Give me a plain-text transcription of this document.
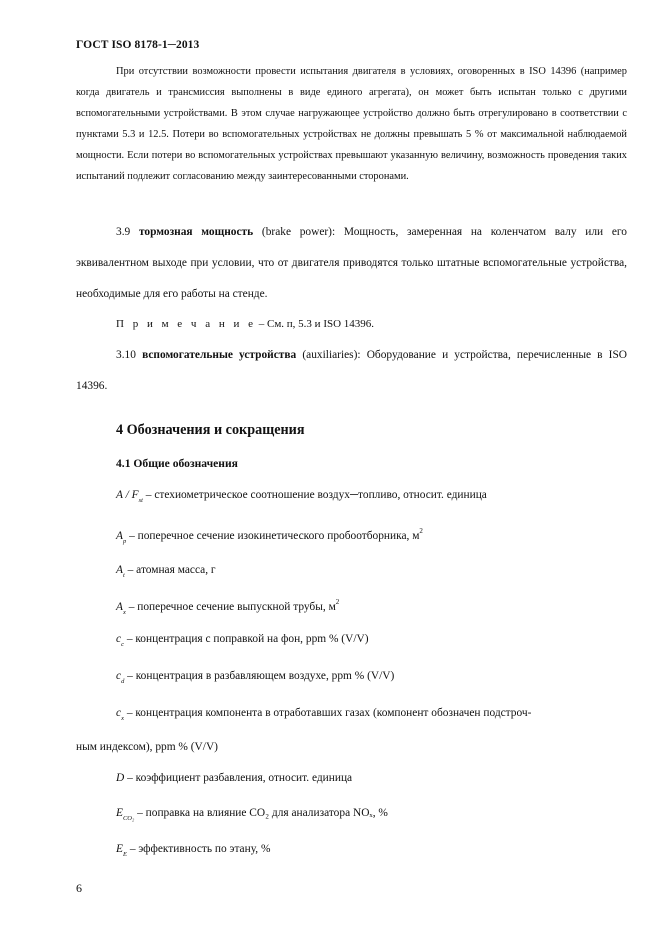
ГОСТ ISO 8178-1─2013
При отсутствии возможности провести испытания двигателя в условиях, оговоренных в ISO 14396 (например когда двигатель и трансмиссия выполнены в виде единого агрегата), он может быть испытан только с другими вспомогательными устройствами. В этом случае нагружающее устройство должно быть отрегулировано в соответствии с пунктами 5.3 и 12.5. Потери во вспомогательных устройствах не должны превышать 5 % от максимальной наблюдаемой мощности. Если потери во вспомогательных устройствах превышают указанную величину, возможность проведения таких испытаний подлежит согласованию между заинтересованными сторонами.
3.9 тормозная мощность (brake power): Мощность, замеренная на коленчатом валу или его эквивалентном выходе при условии, что от двигателя приводятся только штатные вспомогательные устройства, необходимые для его работы на стенде.
П р и м е ч а н и е – См. п, 5.3 и ISO 14396.
3.10 вспомогательные устройства (auxiliaries): Оборудование и устройства, перечисленные в ISO 14396.
4 Обозначения и сокращения
4.1 Общие обозначения
A / $F_{st}$ – стехиометрическое соотношение воздух─топливо, относит. единица
$A_p$ – поперечное сечение изокинетического пробоотборника, $м^2$
$A_t$ – атомная масса, г
$A_x$ – поперечное сечение выпускной трубы, $м^2$
$c_c$ – концентрация с поправкой на фон, ppm % (V/V)
$c_d$ – концентрация в разбавляющем воздухе, ppm % (V/V)
$c_x$ – концентрация компонента в отработавших газах (компонент обозначен подстроч-
ным индексом), ppm % (V/V)
D – коэффициент разбавления, относит. единица
$E_{CO_2}$ – поправка на влияние CO₂ для анализатора NOₓ, %
$E_E$ – эффективность по этану, %
6
